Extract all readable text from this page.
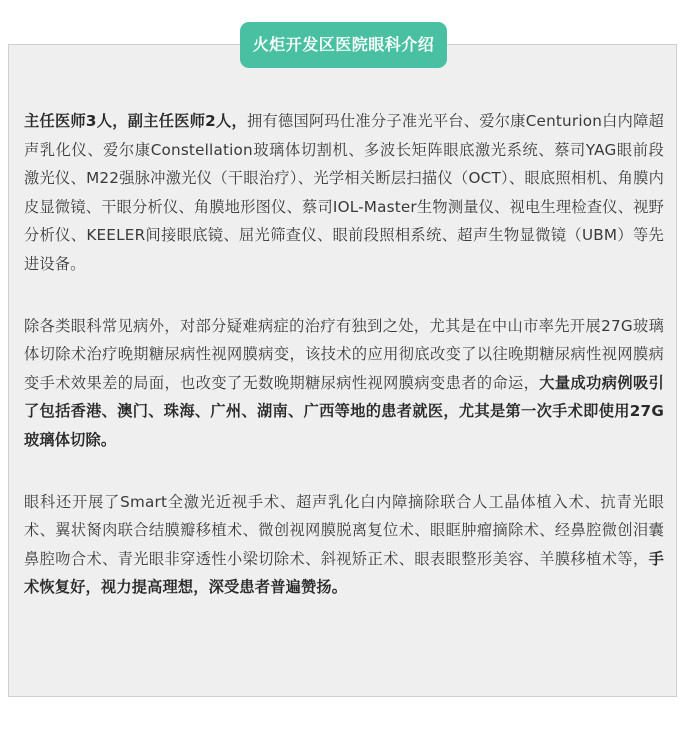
火炬开发区医院眼科介绍

主任医师3人，副主任医师2人，拥有德国阿玛仕准分子准光平台、爱尔康Centurion白内障超声乳化仪、爱尔康Constellation玻璃体切割机、多波长矩阵眼底激光系统、蔡司YAG眼前段激光仪、M22强脉冲激光仪（干眼治疗）、光学相关断层扫描仪（OCT）、眼底照相机、角膜内皮显微镜、干眼分析仪、角膜地形图仪、蔡司IOL-Master生物测量仪、视电生理检查仪、视野分析仪、KEELER间接眼底镜、屈光筛查仪、眼前段照相系统、超声生物显微镜（UBM）等先进设备。

除各类眼科常见病外，对部分疑难病症的治疗有独到之处，尤其是在中山市率先开展27G玻璃体切除术治疗晚期糖尿病性视网膜病变，该技术的应用彻底改变了以往晚期糖尿病性视网膜病变手术效果差的局面，也改变了无数晚期糖尿病性视网膜病变患者的命运，大量成功病例吸引了包括香港、澳门、珠海、广州、湖南、广西等地的患者就医，尤其是第一次手术即使用27G玻璃体切除。

眼科还开展了Smart全激光近视手术、超声乳化白内障摘除联合人工晶体植入术、抗青光眼术、翼状胬肉联合结膜瓣移植术、微创视网膜脱离复位术、眼眶肿瘤摘除术、经鼻腔微创泪囊鼻腔吻合术、青光眼非穿透性小梁切除术、斜视矫正术、眼表眼整形美容、羊膜移植术等，手术恢复好，视力提高理想，深受患者普遍赞扬。
